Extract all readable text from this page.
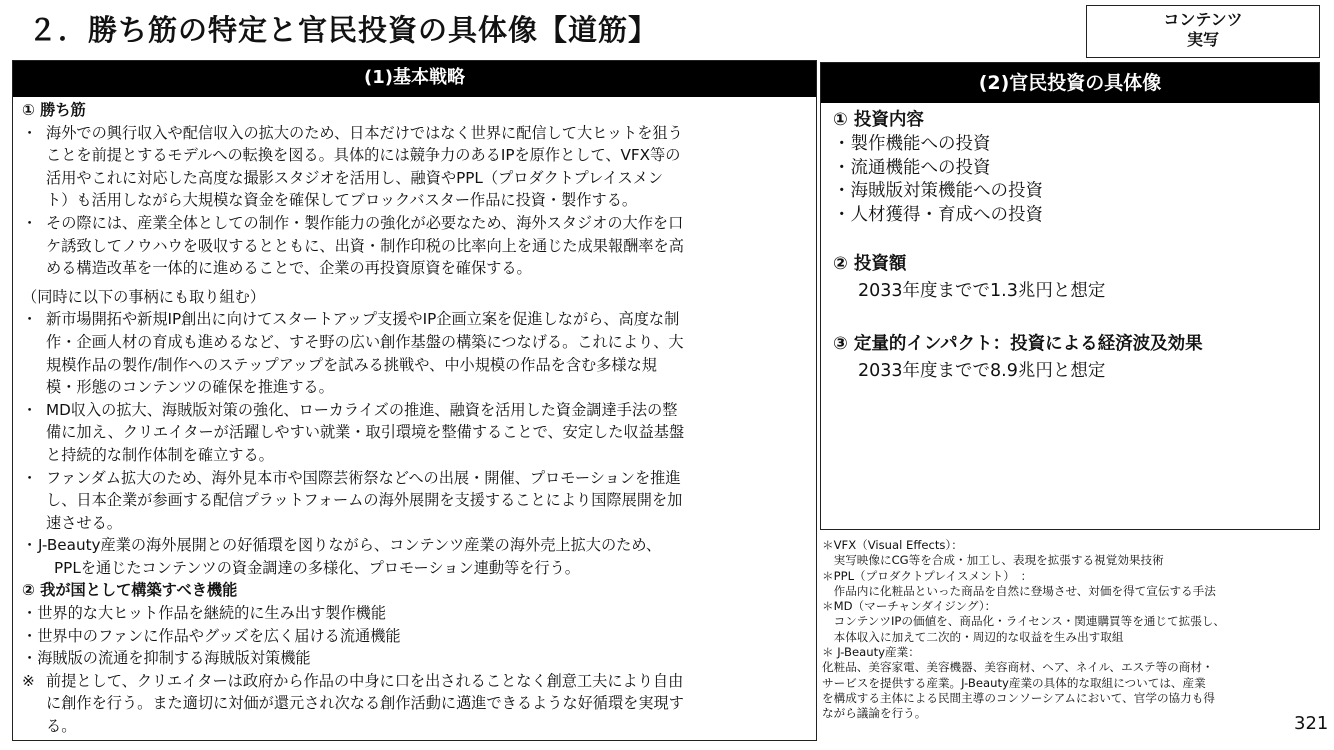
２．勝ち筋の特定と官民投資の具体像【道筋】	コンテンツ
実写
(1)基本戦略
① 勝ち筋
・ 海外での興行収入や配信収入の拡大のため、日本だけではなく世界に配信して大ヒットを狙う
ことを前提とするモデルへの転換を図る。具体的には競争力のあるIPを原作として、VFX等の
活用やこれに対応した高度な撮影スタジオを活用し、融資やPPL（プロダクトプレイスメン
ト）も活用しながら大規模な資金を確保してブロックバスター作品に投資・製作する。
・ その際には、産業全体としての制作・製作能力の強化が必要なため、海外スタジオの大作を口
ケ誘致してノウハウを吸収するとともに、出資・制作印税の比率向上を通じた成果報酬率を高
める構造改革を一体的に進めることで、企業の再投資原資を確保する。
（同時に以下の事柄にも取り組む）
・ 新市場開拓や新規IP創出に向けてスタートアップ支援やIP企画立案を促進しながら、高度な制
作・企画人材の育成も進めるなど、すそ野の広い創作基盤の構築につなげる。これにより、大
規模作品の製作/制作へのステップアップを試みる挑戦や、中小規模の作品を含む多様な規
模・形態のコンテンツの確保を推進する。
・ MD収入の拡大、海賊版対策の強化、ローカライズの推進、融資を活用した資金調達手法の整
備に加え、クリエイターが活躍しやすい就業・取引環境を整備することで、安定した収益基盤
と持続的な制作体制を確立する。
・ ファンダム拡大のため、海外見本市や国際芸術祭などへの出展・開催、プロモーションを推進
し、日本企業が参画する配信プラットフォームの海外展開を支援することにより国際展開を加
速させる。
・ J-Beauty産業の海外展開との好循環を図りながら、コンテンツ産業の海外売上拡大のため、
PPLを通じたコンテンツの資金調達の多様化、プロモーション連動等を行う。
② 我が国として構築すべき機能
・世界的な大ヒット作品を継続的に生み出す製作機能
・世界中のファンに作品やグッズを広く届ける流通機能
・海賊版の流通を抑制する海賊版対策機能
※ 前提として、クリエイターは政府から作品の中身に口を出されることなく創意工夫により自由
に創作を行う。また適切に対価が還元され次なる創作活動に邁進できるような好循環を実現す
る。
(2)官民投資の具体像
① 投資内容
・製作機能への投資
・流通機能への投資
・海賊版対策機能への投資
・人材獲得・育成への投資
② 投資額
2033年度までで1.3兆円と想定
③ 定量的インパクト：投資による経済波及効果
2033年度までで8.9兆円と想定
＊VFX（Visual Effects）：
　実写映像にCG等を合成・加工し、表現を拡張する視覚効果技術
＊PPL（プロダクトプレイスメント）　：
　作品内に化粧品といった商品を自然に登場させ、対価を得て宣伝する手法
＊MD（マーチャンダイジング）：
　コンテンツIPの価値を、商品化・ライセンス・関連購買等を通じて拡張し、
　本体収入に加えて二次的・周辺的な収益を生み出す取組
＊ J-Beauty産業：
化粧品、美容家電、美容機器、美容商材、ヘア、ネイル、エステ等の商材・
サービスを提供する産業。J-Beauty産業の具体的な取組については、産業
を構成する主体による民間主導のコンソーシアムにおいて、官学の協力も得
ながら議論を行う。	321
